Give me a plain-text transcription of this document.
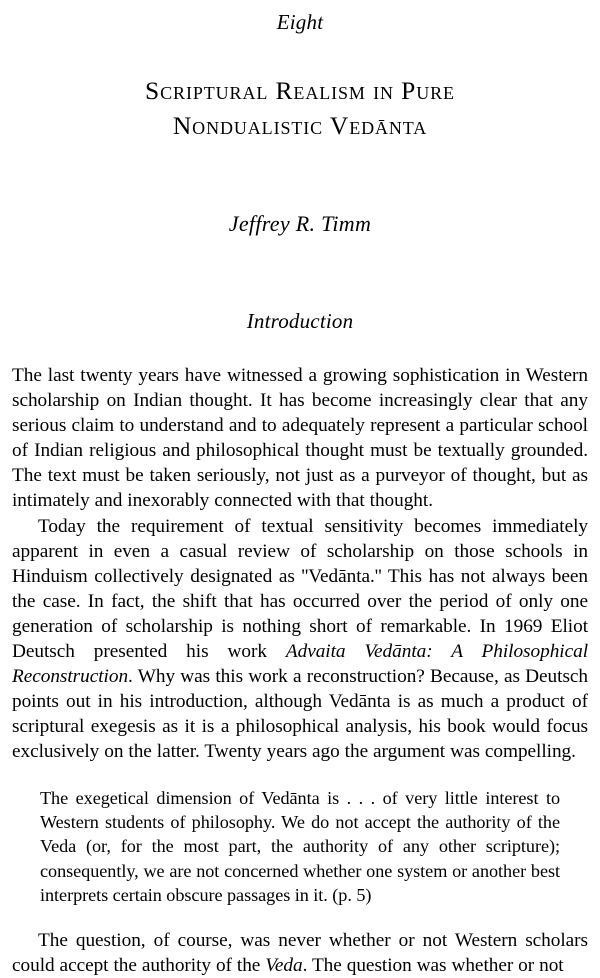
Eight
Scriptural Realism in Pure
Nondualistic Vedānta
Jeffrey R. Timm
Introduction

The last twenty years have witnessed a growing sophistication in Western scholarship on Indian thought. It has become increasingly clear that any serious claim to understand and to adequately represent a particular school of Indian religious and philosophical thought must be textually grounded. The text must be taken seriously, not just as a purveyor of thought, but as intimately and inexorably connected with that thought.

Today the requirement of textual sensitivity becomes immediately apparent in even a casual review of scholarship on those schools in Hinduism collectively designated as ''Vedānta.'' This has not always been the case. In fact, the shift that has occurred over the period of only one generation of scholarship is nothing short of remarkable. In 1969 Eliot Deutsch presented his work Advaita Vedānta: A Philosophical Reconstruction. Why was this work a reconstruction? Because, as Deutsch points out in his introduction, although Vedānta is as much a product of scriptural exegesis as it is a philosophical analysis, his book would focus exclusively on the latter. Twenty years ago the argument was compelling.

The exegetical dimension of Vedānta is . . . of very little interest to Western students of philosophy. We do not accept the authority of the Veda (or, for the most part, the authority of any other scripture); consequently, we are not concerned whether one system or another best interprets certain obscure passages in it. (p. 5)

The question, of course, was never whether or not Western scholars could accept the authority of the Veda. The question was whether or not
